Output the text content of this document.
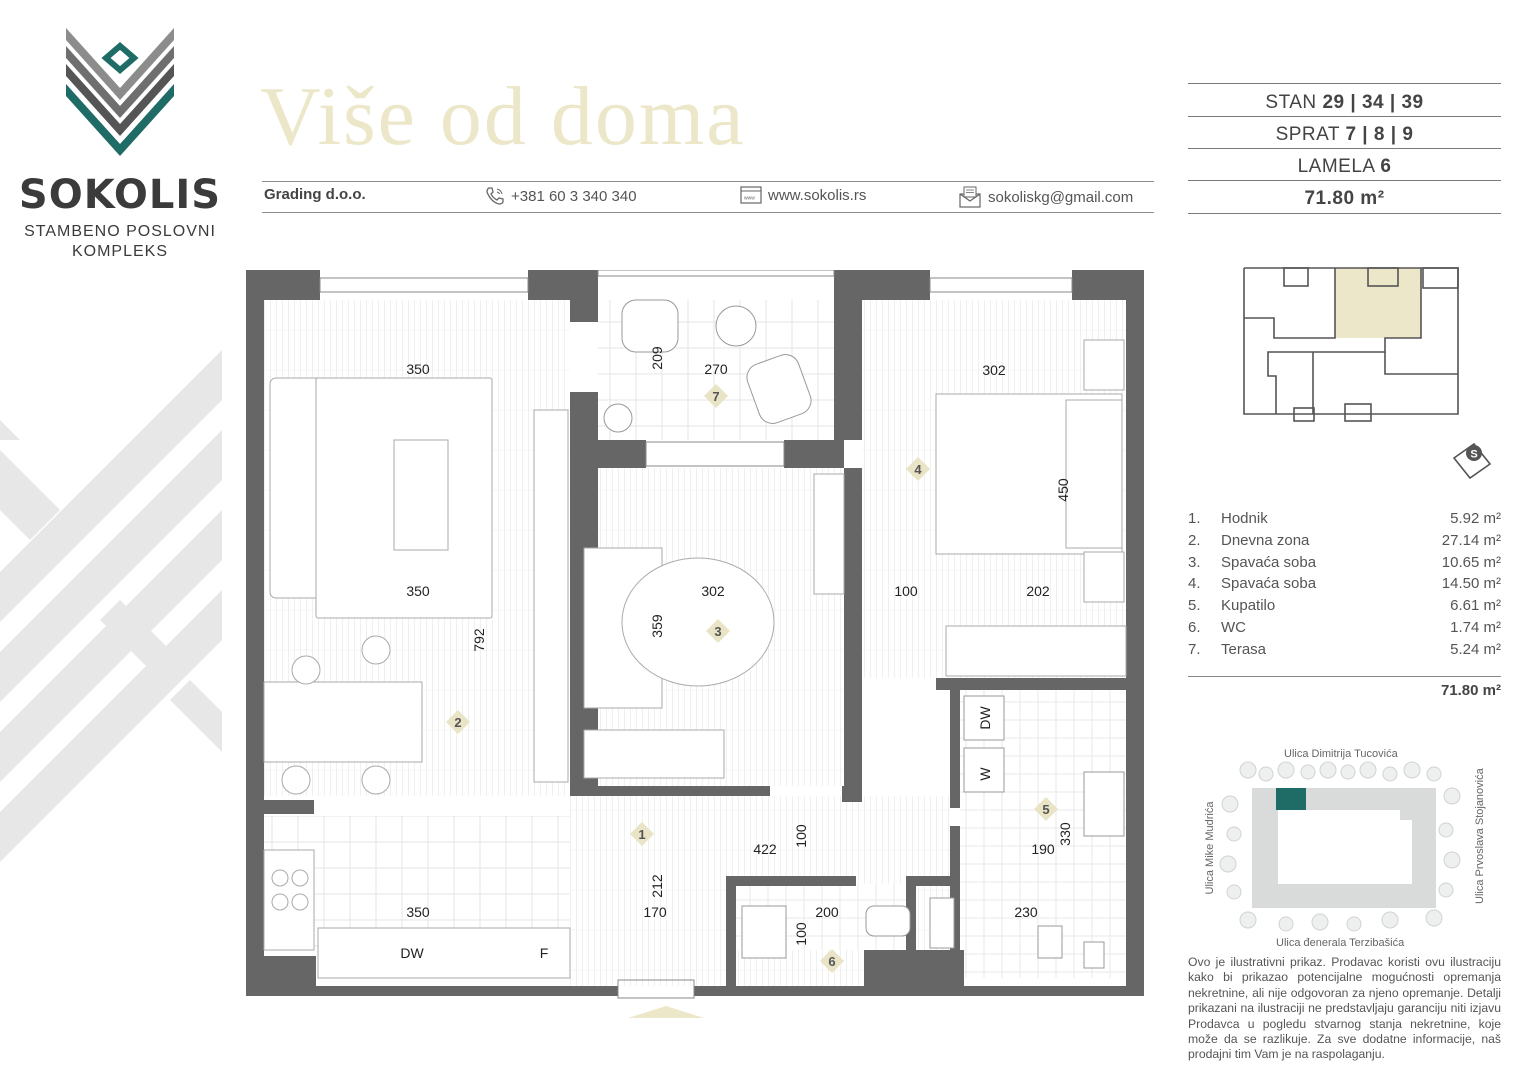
SOKOLIS
STAMBENO POSLOVNI
KOMPLEKS
Više od doma
Grading d.o.o.	+381 60 3 340 340	www www.sokolis.rs	sokoliskg@gmail.com
STAN 29 | 34 | 39
SPRAT 7 | 8 | 9
LAMELA 6
71.80 m²
S
1. Hodnik	5.92 m²
2. Dnevna zona	27.14 m²
3. Spavaća soba	10.65 m²
4. Spavaća soba	14.50 m²
5. Kupatilo	6.61 m²
6. WC	1.74 m²
7. Terasa	5.24 m²
71.80 m²
Ulica Dimitrija Tucovića
Ulica đenerala Terzibašića
Ulica Mike Mudrića	Ulica Prvoslava Stojanovića
Ovo je ilustrativni prikaz. Prodavac koristi ovu ilustraciju kako bi prikazao potencijalne mogućnosti opremanja nekretnine, ali nije odgovoran za njeno opremanje. Detalji prikazani na ilustraciji ne predstavljaju garanciju niti izjavu Prodavca u pogledu stvarnog stanja nekretnine, koje može da se razlikuje. Za sve dodatne informacije, naš prodajni tim Vam je na raspolaganju.
DW	F
DW
W
350
350
350
792
209	270
302
359
302
450
100	202
422
100
212
170	200
100
190
330
230
1
2
3
4
5
6
7
